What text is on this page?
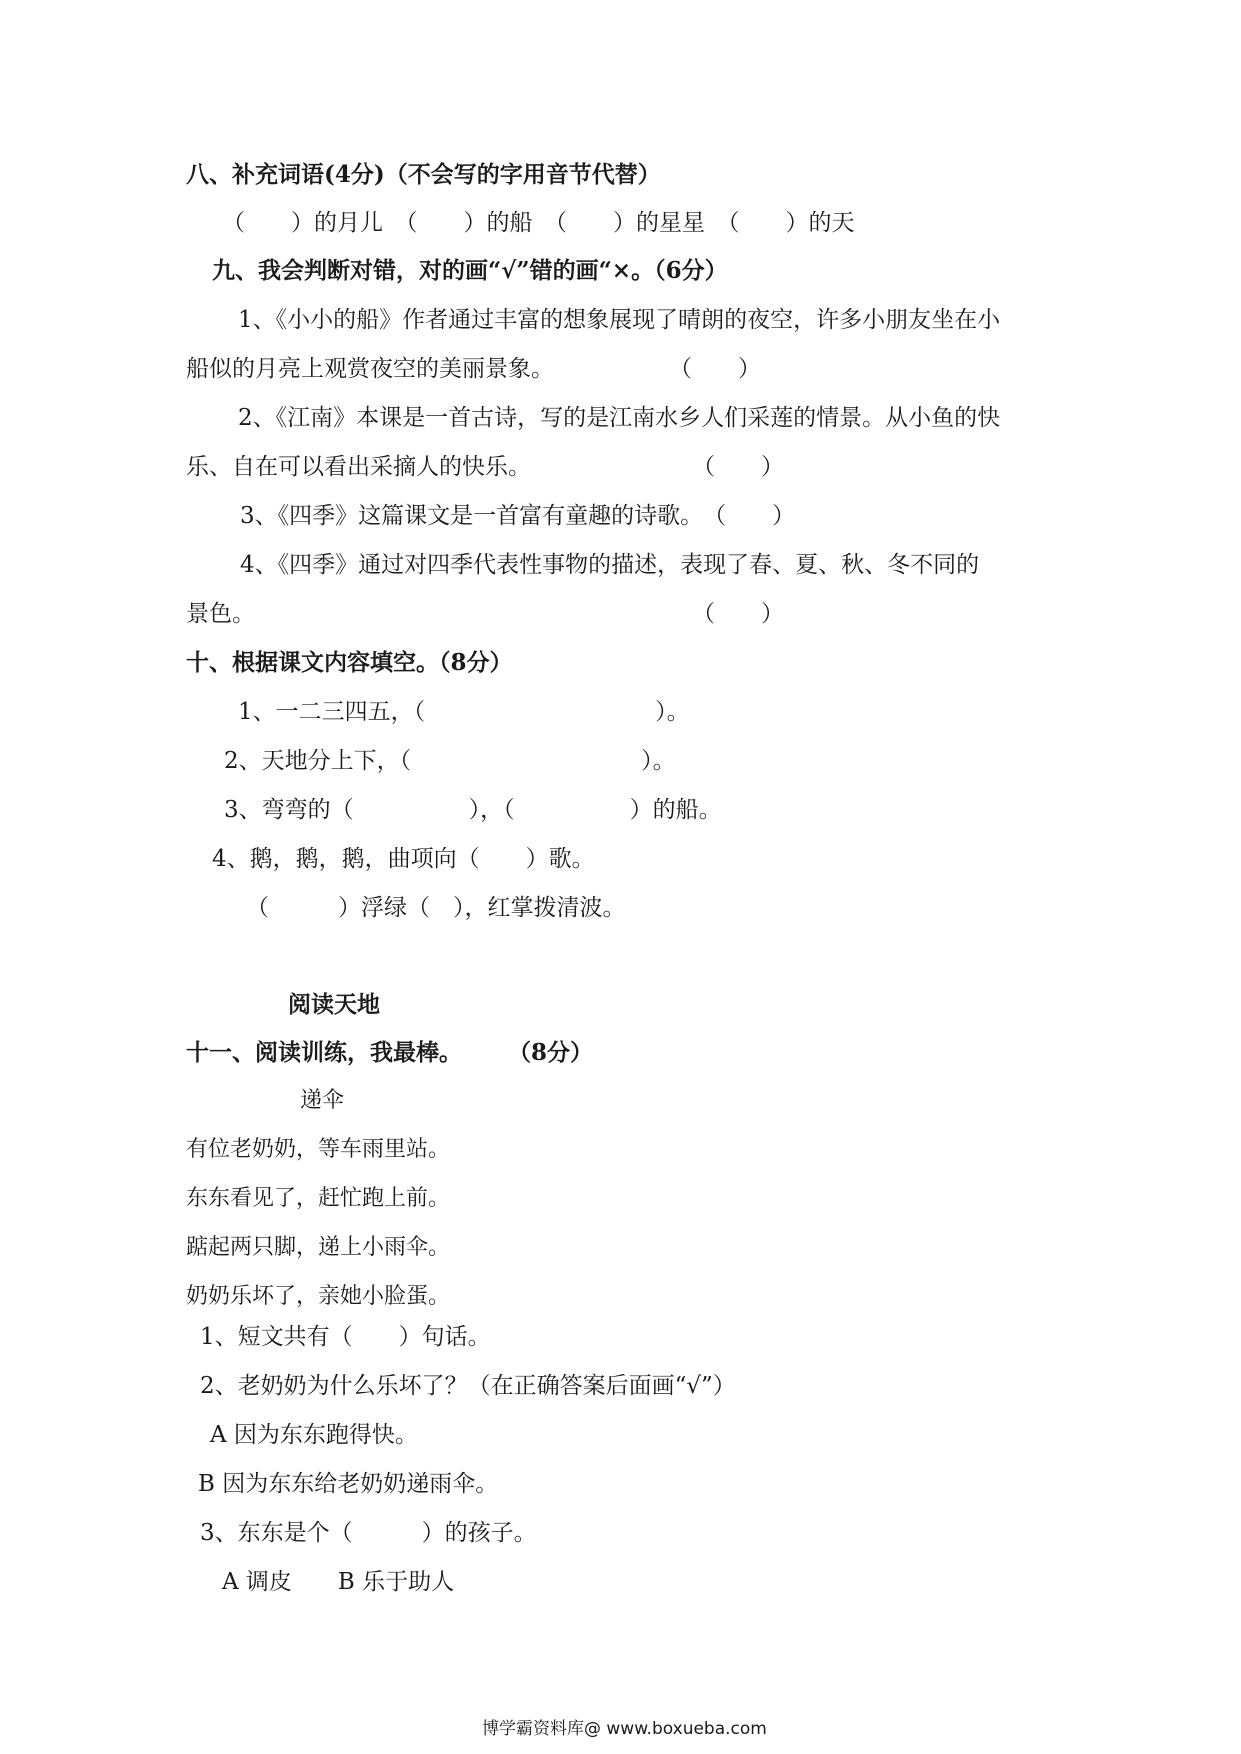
八、补充词语(4分)（不会写的字用音节代替）
（　　）的月儿　（　　）的船　（　　）的星星　（　　）的天
九、我会判断对错，对的画“√”错的画“×。（6分）
1、《小小的船》作者通过丰富的想象展现了晴朗的夜空，许多小朋友坐在小
船似的月亮上观赏夜空的美丽景象。　　　　　　（　　）
2、《江南》本课是一首古诗，写的是江南水乡人们采莲的情景。从小鱼的快
乐、自在可以看出采摘人的快乐。　　　　　　　　（　　）
3、《四季》这篇课文是一首富有童趣的诗歌。　（　　）
4、《四季》通过对四季代表性事物的描述，表现了春、夏、秋、冬不同的
景色。　　　　　　　　　　　　　　　　　　　　（　　）
十、根据课文内容填空。（8分）
1、一二三四五，（　　　　　　　　　　）。
2、天地分上下，（　　　　　　　　　　）。
3、弯弯的（　　　　　），（　　　　　）的船。
4、鹅，鹅，鹅，曲项向（　　）歌。
（　　　）浮绿（　），红掌拨清波。
阅读天地
十一、阅读训练，我最棒。　　　（8分）
递伞
有位老奶奶，等车雨里站。
东东看见了，赶忙跑上前。
踮起两只脚，递上小雨伞。
奶奶乐坏了，亲她小脸蛋。
1、短文共有（　　）句话。
2、老奶奶为什么乐坏了？（在正确答案后面画“√”）
A 因为东东跑得快。
B 因为东东给老奶奶递雨伞。
3、东东是个（　　　）的孩子。
A 调皮　　B 乐于助人
博学霸资料库@ www.boxueba.com
